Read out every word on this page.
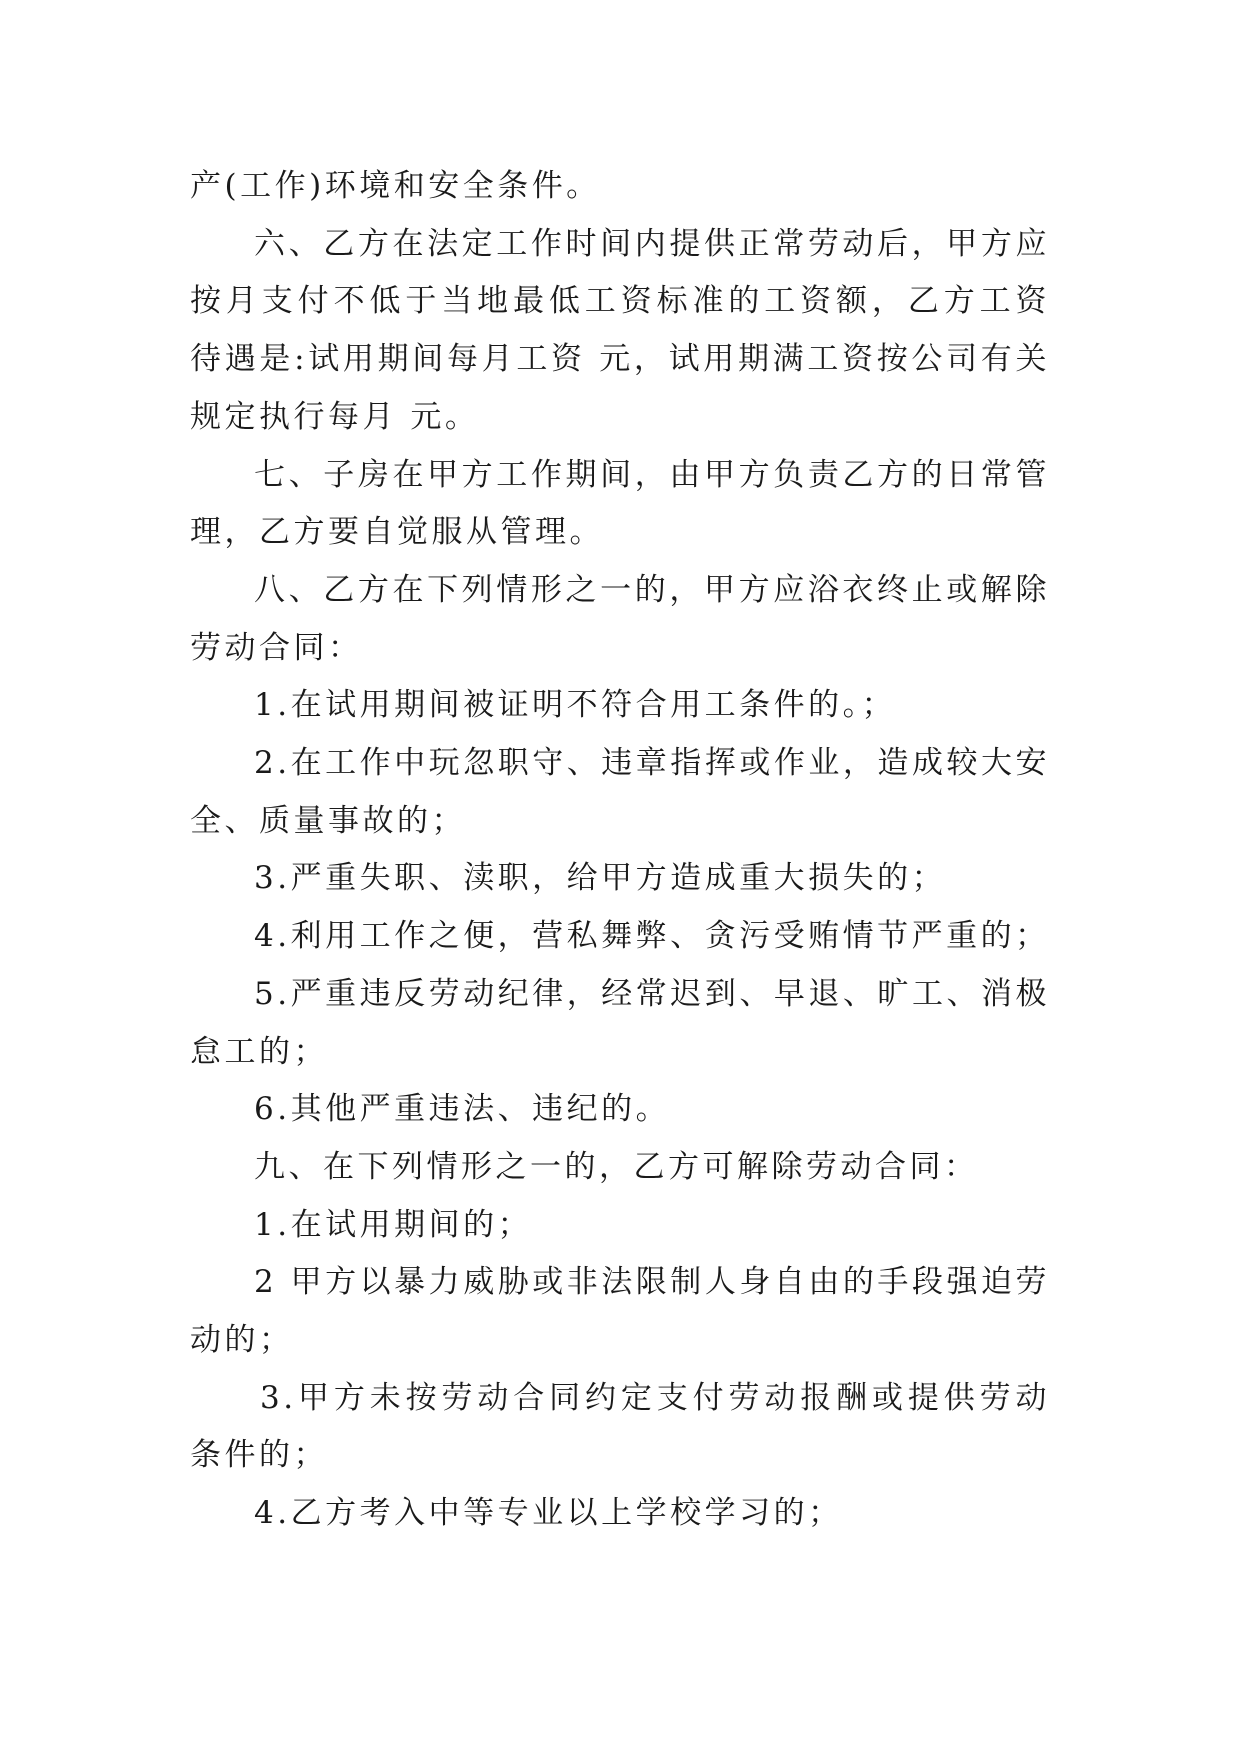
产(工作)环境和安全条件。

六、乙方在法定工作时间内提供正常劳动后，甲方应按月支付不低于当地最低工资标准的工资额，乙方工资待遇是:试用期间每月工资 元，试用期满工资按公司有关规定执行每月 元。

七、子房在甲方工作期间，由甲方负责乙方的日常管理，乙方要自觉服从管理。

八、乙方在下列情形之一的，甲方应浴衣终止或解除劳动合同：

1.在试用期间被证明不符合用工条件的。；

2.在工作中玩忽职守、违章指挥或作业，造成较大安全、质量事故的；

3.严重失职、渎职，给甲方造成重大损失的；

4.利用工作之便，营私舞弊、贪污受贿情节严重的；

5.严重违反劳动纪律，经常迟到、早退、旷工、消极怠工的；

6.其他严重违法、违纪的。

九、在下列情形之一的，乙方可解除劳动合同：

1.在试用期间的；

2 甲方以暴力威胁或非法限制人身自由的手段强迫劳动的；

3.甲方未按劳动合同约定支付劳动报酬或提供劳动条件的；

4.乙方考入中等专业以上学校学习的；
